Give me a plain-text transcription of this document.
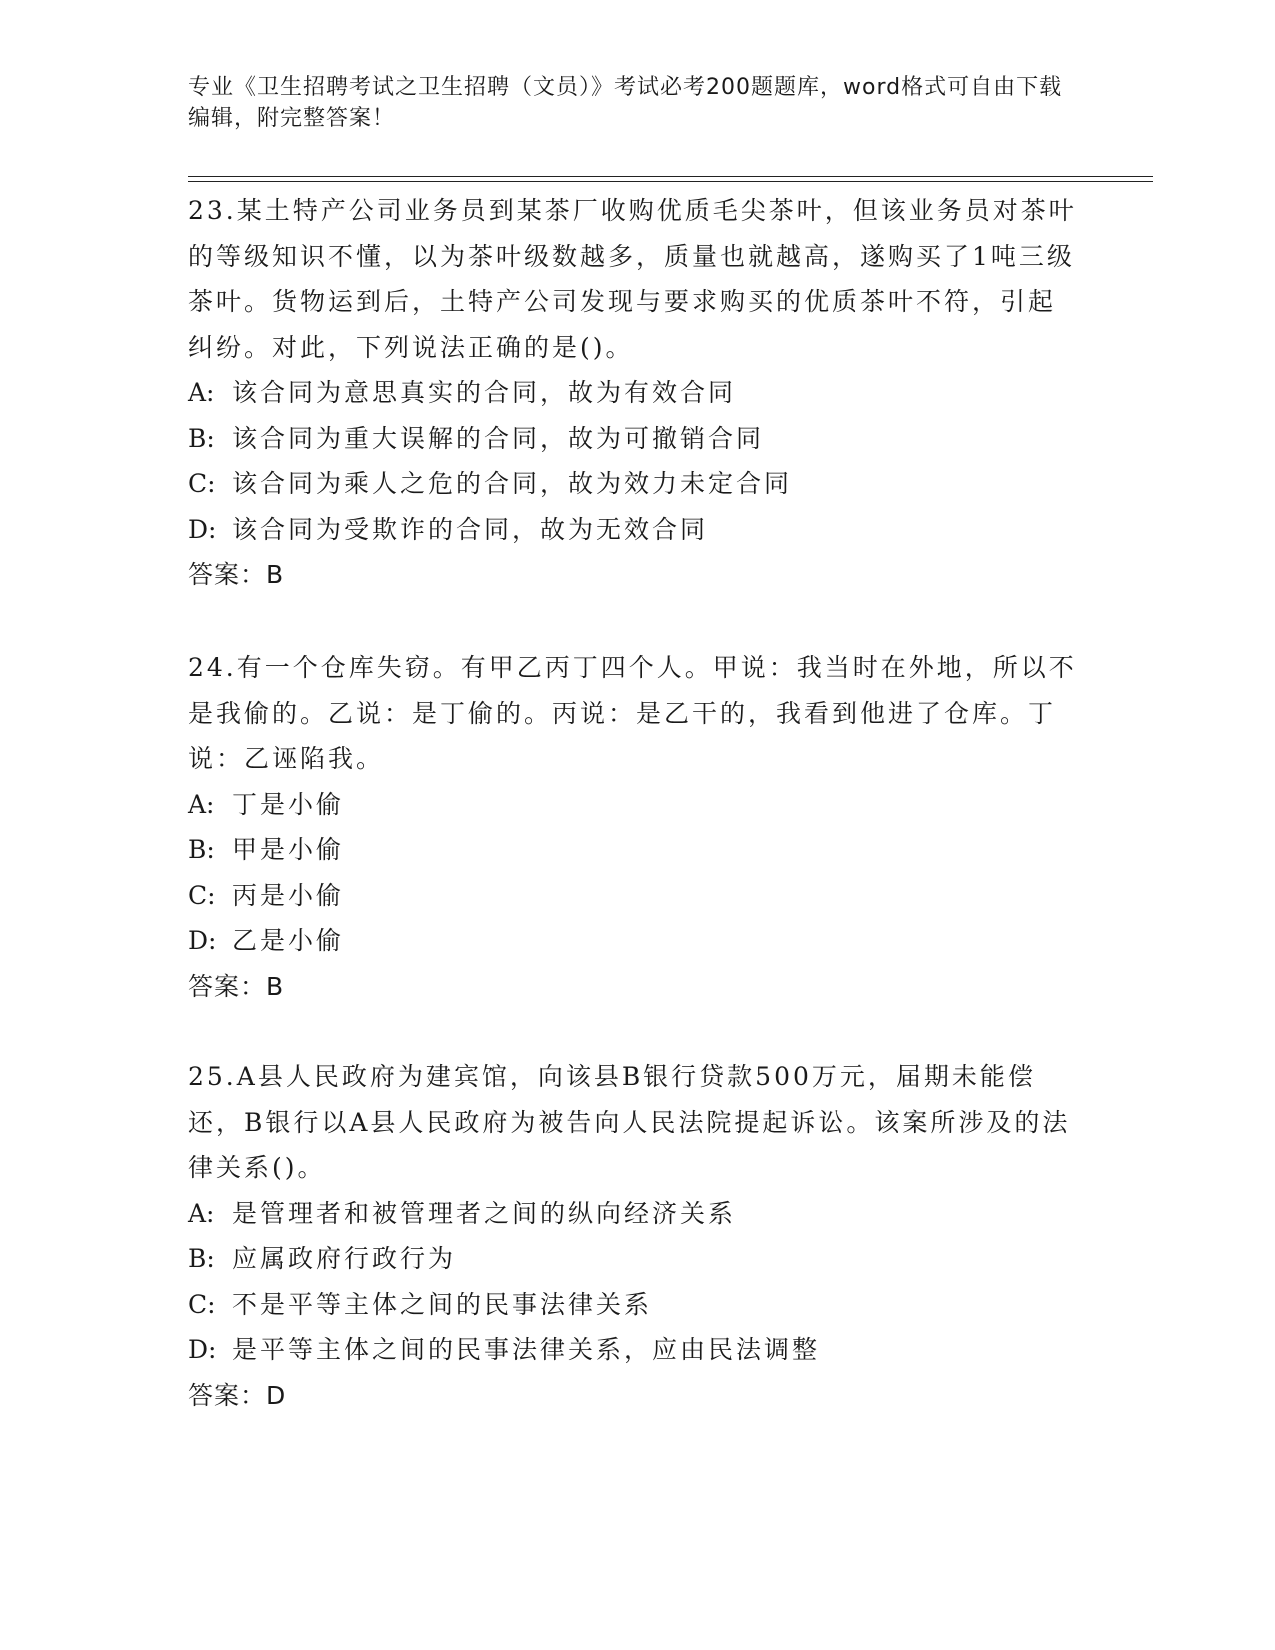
专业《卫生招聘考试之卫生招聘（文员）》考试必考200题题库，word格式可自由下载编辑，附完整答案！
23.某土特产公司业务员到某茶厂收购优质毛尖茶叶，但该业务员对茶叶的等级知识不懂，以为茶叶级数越多，质量也就越高，遂购买了1吨三级茶叶。货物运到后，土特产公司发现与要求购买的优质茶叶不符，引起纠纷。对此，下列说法正确的是()。
A: 该合同为意思真实的合同，故为有效合同
B: 该合同为重大误解的合同，故为可撤销合同
C: 该合同为乘人之危的合同，故为效力未定合同
D: 该合同为受欺诈的合同，故为无效合同
答案：B
24.有一个仓库失窃。有甲乙丙丁四个人。甲说：我当时在外地，所以不是我偷的。乙说：是丁偷的。丙说：是乙干的，我看到他进了仓库。丁说：乙诬陷我。
A: 丁是小偷
B: 甲是小偷
C: 丙是小偷
D: 乙是小偷
答案：B
25.A县人民政府为建宾馆，向该县B银行贷款500万元，届期未能偿还，B银行以A县人民政府为被告向人民法院提起诉讼。该案所涉及的法律关系()。
A: 是管理者和被管理者之间的纵向经济关系
B: 应属政府行政行为
C: 不是平等主体之间的民事法律关系
D: 是平等主体之间的民事法律关系，应由民法调整
答案：D
